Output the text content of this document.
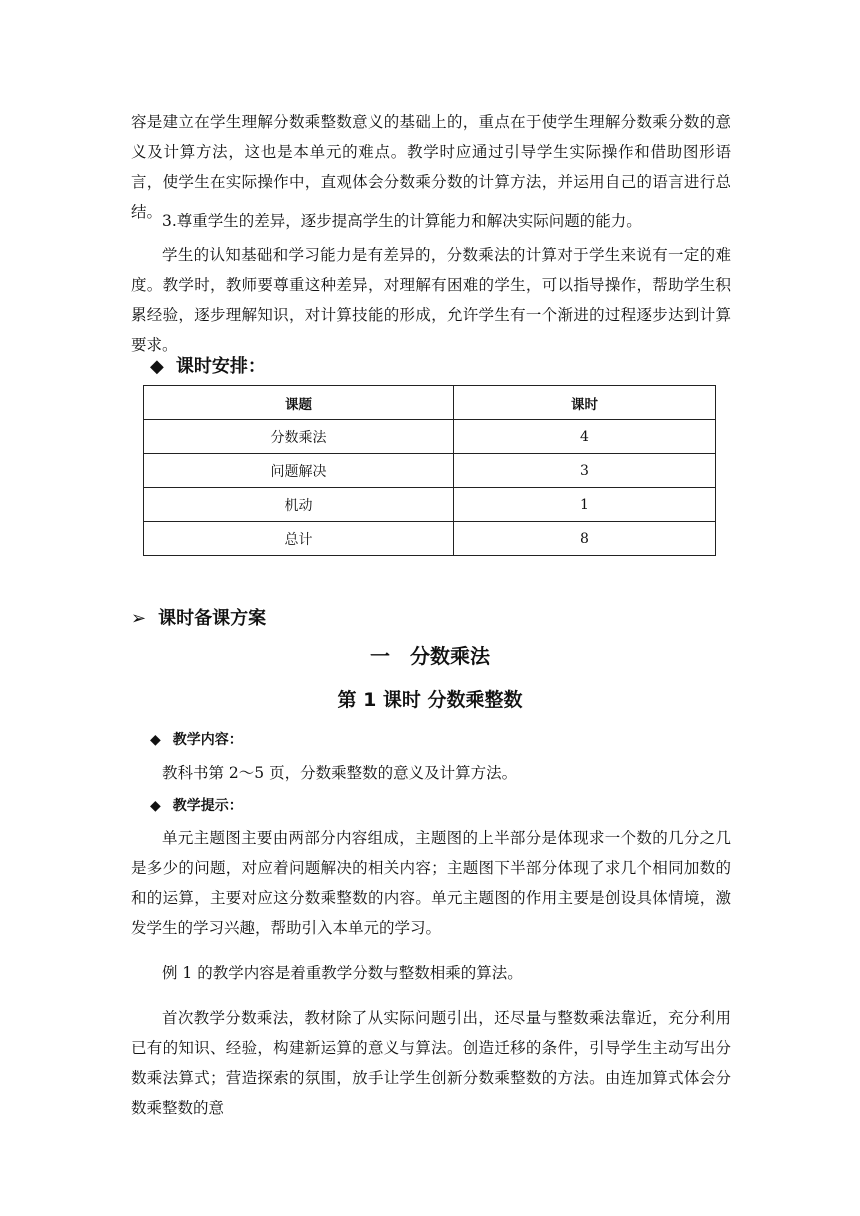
容是建立在学生理解分数乘整数意义的基础上的，重点在于使学生理解分数乘分数的意义及计算方法，这也是本单元的难点。教学时应通过引导学生实际操作和借助图形语言，使学生在实际操作中，直观体会分数乘分数的计算方法，并运用自己的语言进行总结。 3.尊重学生的差异，逐步提高学生的计算能力和解决实际问题的能力。

学生的认知基础和学习能力是有差异的，分数乘法的计算对于学生来说有一定的难度。教学时，教师要尊重这种差异，对理解有困难的学生，可以指导操作，帮助学生积累经验，逐步理解知识，对计算技能的形成，允许学生有一个渐进的过程逐步达到计算要求。

◆ 课时安排：
课题	课时
分数乘法	4
问题解决	3
机动	1
总计	8
➢ 课时备课方案
一　分数乘法
第 1 课时 分数乘整数
◆ 教学内容：

教科书第 2～5 页，分数乘整数的意义及计算方法。

◆ 教学提示：

单元主题图主要由两部分内容组成，主题图的上半部分是体现求一个数的几分之几是多少的问题，对应着问题解决的相关内容；主题图下半部分体现了求几个相同加数的和的运算，主要对应这分数乘整数的内容。单元主题图的作用主要是创设具体情境，激发学生的学习兴趣，帮助引入本单元的学习。

例 1 的教学内容是着重教学分数与整数相乘的算法。

首次教学分数乘法，教材除了从实际问题引出，还尽量与整数乘法靠近，充分利用已有的知识、经验，构建新运算的意义与算法。创造迁移的条件，引导学生主动写出分数乘法算式；营造探索的氛围，放手让学生创新分数乘整数的方法。由连加算式体会分数乘整数的意
